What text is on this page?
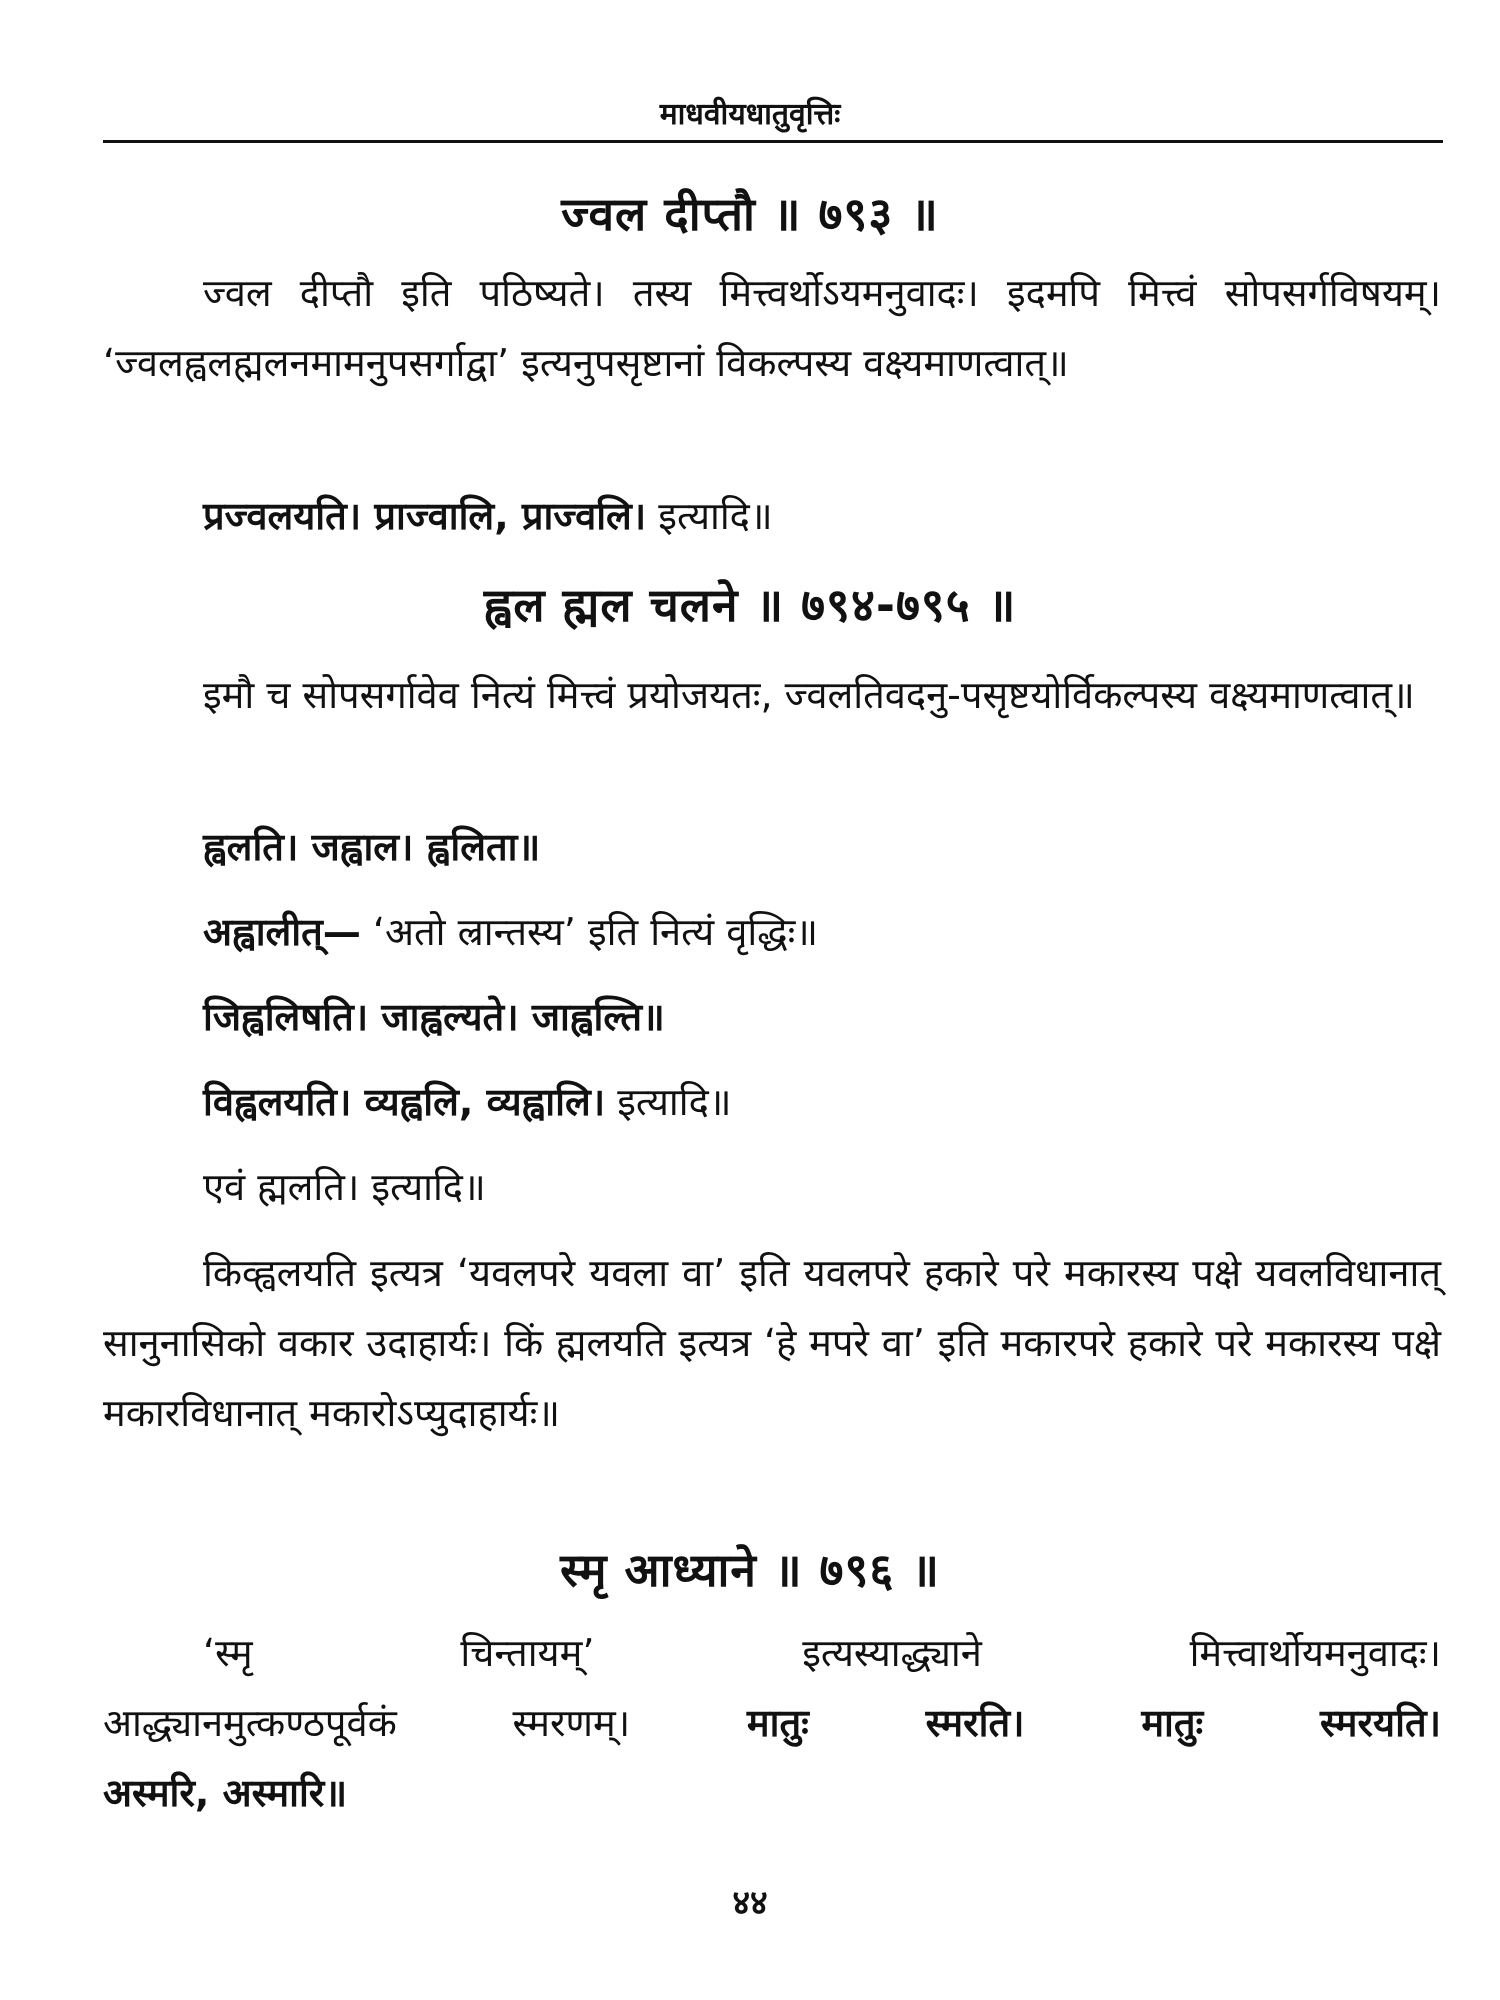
माधवीयधातुवृत्तिः
ज्वल दीप्तौ ॥ ७९३ ॥

ज्वल दीप्तौ इति पठिष्यते। तस्य मित्त्वर्थोऽयमनुवादः। इदमपि मित्त्वं सोपसर्गविषयम्। ‘ज्वलह्वलह्मलनमामनुपसर्गाद्वा’ इत्यनुपसृष्टानां विकल्पस्य वक्ष्यमाणत्वात्॥

प्रज्वलयति। प्राज्वालि, प्राज्वलि। इत्यादि॥
ह्वल ह्मल चलने ॥ ७९४-७९५ ॥

इमौ च सोपसर्गावेव नित्यं मित्त्वं प्रयोजयतः, ज्वलतिवदनु-पसृष्टयोर्विकल्पस्य वक्ष्यमाणत्वात्॥

ह्वलति। जह्वाल। ह्वलिता॥
अह्वालीत्— ‘अतो ल्रान्तस्य’ इति नित्यं वृद्धिः॥
जिह्वलिषति। जाह्वल्यते। जाह्वल्ति॥
विह्वलयति। व्यह्वलि, व्यह्वालि। इत्यादि॥
एवं ह्मलति। इत्यादि॥

किव्ह्वलयति इत्यत्र ‘यवलपरे यवला वा’ इति यवलपरे हकारे परे मकारस्य पक्षे यवलविधानात् सानुनासिको वकार उदाहार्यः। किं ह्मलयति इत्यत्र ‘हे मपरे वा’ इति मकारपरे हकारे परे मकारस्य पक्षे मकारविधानात् मकारोऽप्युदाहार्यः॥

स्मृ आध्याने ॥ ७९६ ॥

‘स्मृ चिन्तायम्’ इत्यस्याद्ध्याने मित्त्वार्थोयमनुवादः।

आद्ध्यानमुत्कण्ठपूर्वकं स्मरणम्। मातुः स्मरति। मातुः स्मरयति।

अस्मरि, अस्मारि॥

४४
